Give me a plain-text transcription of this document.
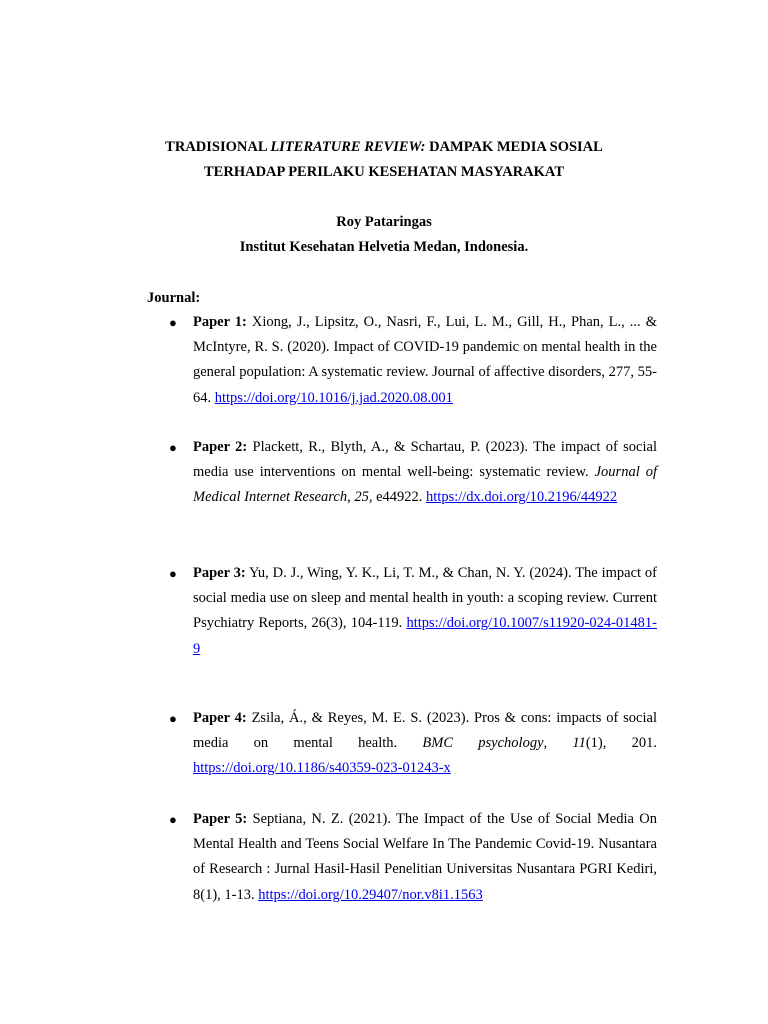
TRADISIONAL LITERATURE REVIEW: DAMPAK MEDIA SOSIAL
TERHADAP PERILAKU KESEHATAN MASYARAKAT
Roy Pataringas
Institut Kesehatan Helvetia Medan, Indonesia.
Journal:
● Paper 1: Xiong, J., Lipsitz, O., Nasri, F., Lui, L. M., Gill, H., Phan, L., ... & McIntyre, R. S. (2020). Impact of COVID-19 pandemic on mental health in the general population: A systematic review. Journal of affective disorders, 277, 55-64. https://doi.org/10.1016/j.jad.2020.08.001
● Paper 2: Plackett, R., Blyth, A., & Schartau, P. (2023). The impact of social media use interventions on mental well-being: systematic review. Journal of Medical Internet Research, 25, e44922. https://dx.doi.org/10.2196/44922
● Paper 3: Yu, D. J., Wing, Y. K., Li, T. M., & Chan, N. Y. (2024). The impact of social media use on sleep and mental health in youth: a scoping review. Current Psychiatry Reports, 26(3), 104-119. https://doi.org/10.1007/s11920-024-01481-9
● Paper 4: Zsila, Á., & Reyes, M. E. S. (2023). Pros & cons: impacts of social media on mental health. BMC psychology, 11(1), 201. https://doi.org/10.1186/s40359-023-01243-x
● Paper 5: Septiana, N. Z. (2021). The Impact of the Use of Social Media On Mental Health and Teens Social Welfare In The Pandemic Covid-19. Nusantara of Research : Jurnal Hasil-Hasil Penelitian Universitas Nusantara PGRI Kediri, 8(1), 1-13. https://doi.org/10.29407/nor.v8i1.1563
